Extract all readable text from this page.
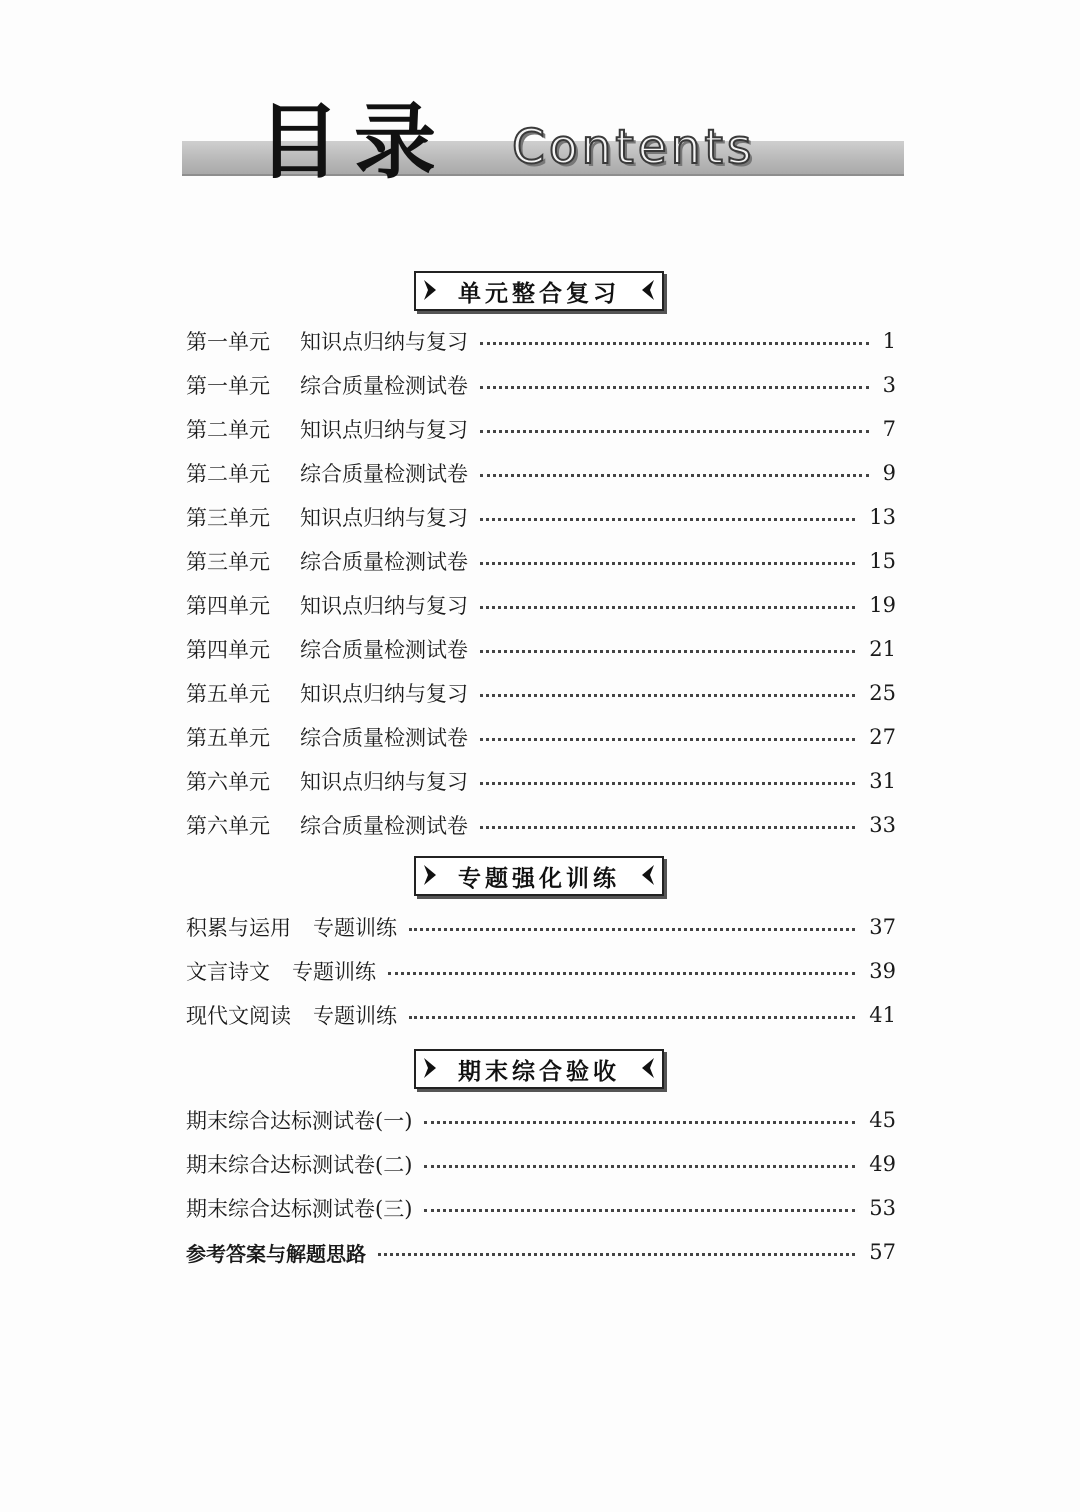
目录 Contents
单元整合复习
第一单元	知识点归纳与复习	1
第一单元	综合质量检测试卷	3
第二单元	知识点归纳与复习	7
第二单元	综合质量检测试卷	9
第三单元	知识点归纳与复习	13
第三单元	综合质量检测试卷	15
第四单元	知识点归纳与复习	19
第四单元	综合质量检测试卷	21
第五单元	知识点归纳与复习	25
第五单元	综合质量检测试卷	27
第六单元	知识点归纳与复习	31
第六单元	综合质量检测试卷	33
专题强化训练
积累与运用 专题训练	37
文言诗文 专题训练	39
现代文阅读 专题训练	41
期末综合验收
期末综合达标测试卷(一)	45
期末综合达标测试卷(二)	49
期末综合达标测试卷(三)	53
参考答案与解题思路	57
